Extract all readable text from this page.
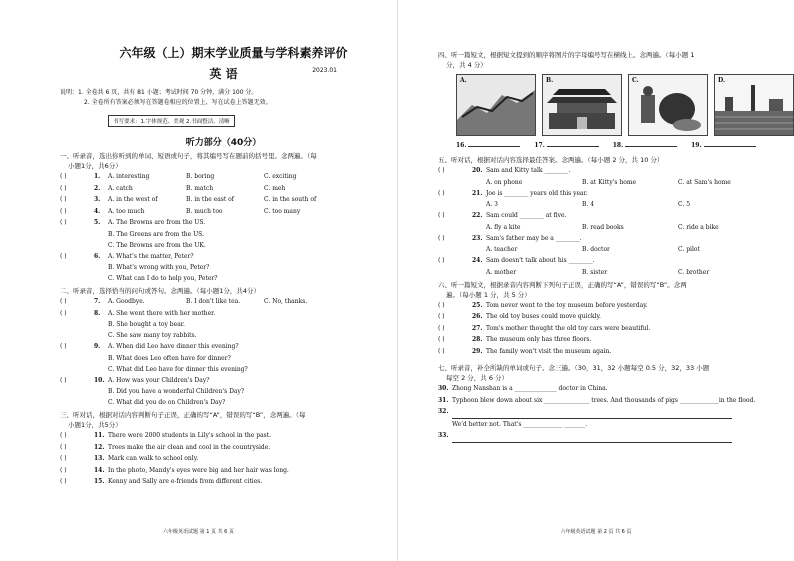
六年级（上）期末学业质量与学科素养评价
英 语	2023.01
说明：1. 全卷共 6 页，共有 81 小题；考试时间 70 分钟，满分 100 分。
2. 全卷所有答案必须写在答题卷相应的位置上，写在试卷上答题无效。
书写要求：1.字体规范、美观 2.书面整洁、清晰
听力部分（40分）
一、听录音，选出你听到的单词、短语或句子，将其编号写在题前的括号里。念两遍。（每
小题1分，共6分）
( )	1.	A. interesting	B. boring	C. exciting
( )	2.	A. catch	B. match	C. meh
( )	3.	A. in the west of	B. in the east of	C. in the south of
( )	4.	A. too much	B. much too	C. too many
( )	5.	A. The Browns are from the US.
B. The Greens are from the US.
C. The Browns are from the UK.
( )	6.	A. What's the matter, Peter?
B. What's wrong with you, Peter?
C. What can I do to help you, Peter?
二、听录音，选择恰当的问句或答句。念两遍。（每小题1分，共4分）
( )	7.	A. Goodbye.	B. I don't like tea.	C. No, thanks.
( )	8.	A. She went there with her mother.
B. She bought a toy bear.
C. She saw many toy rabbits.
( )	9.	A. When did Leo have dinner this evening?
B. What does Leo often have for dinner?
C. What did Leo have for dinner this evening?
( )	10. A. How was your Children's Day?
B. Did you have a wonderful Children's Day?
C. What did you do on Children's Day?
三、听对话，根据对话内容判断句子正误，正确的写“A”，错误的写“B”，念两遍。（每
小题1分，共5分）
( )	11. There were 2000 students in Lily's school in the past.
( )	12. Trees make the air clean and cool in the countryside.
( )	13. Mark can walk to school only.
( )	14. In the photo, Mandy's eyes were big and her hair was long.
( )	15. Kenny and Sally are e-friends from different cities.
六年级英语试题 第 1 页 共 6 页
四、听一篇短文，根据短文提到的顺序将图片的字母编号写在横线上。念两遍。（每小题 1
分，共 4 分）
A.	B.	C.	D.
16.	17.	18.	19.
五、听对话，根据对话内容选择最佳答案。念两遍。（每小题 2 分，共 10 分）
( )	20. Sam and Kitty talk ________.
A. on phone	B. at Kitty's home	C. at Sam's home
( )	21. Joe is ________ years old this year.
A. 3	B. 4	C. 5
( )	22. Sam could ________ at five.
A. fly a kite	B. read books	C. ride a bike
( )	23. Sam's father may be a ________.
A. teacher	B. doctor	C. pilot
( )	24. Sam doesn't talk about his ________.
A. mother	B. sister	C. brother
六、听一篇短文，根据录音内容判断下列句子正误，正确的写“A”，错误的写“B”。念两
遍。（每小题 1 分，共 5 分）
( )	25. Tom never went to the toy museum before yesterday.
( )	26. The old toy buses could move quickly.
( )	27. Tom's mother thought the old toy cars were beautiful.
( )	28. The museum only has three floors.
( )	29. The family won't visit the museum again.
七、听录音，补全所缺的单词或句子。念三遍。（30，31，32 小题每空 0.5 分，32，33 小题
每空 2 分，共 6 分）
30. Zhong Nanshan is a ______________ doctor in China.
31. Typhoon blew down about six _______________ trees. And thousands of pigs _____________in the flood.
32.

We'd better not. That's _____________ _______.
33.

六年级英语试题 第 2 页 共 6 页
